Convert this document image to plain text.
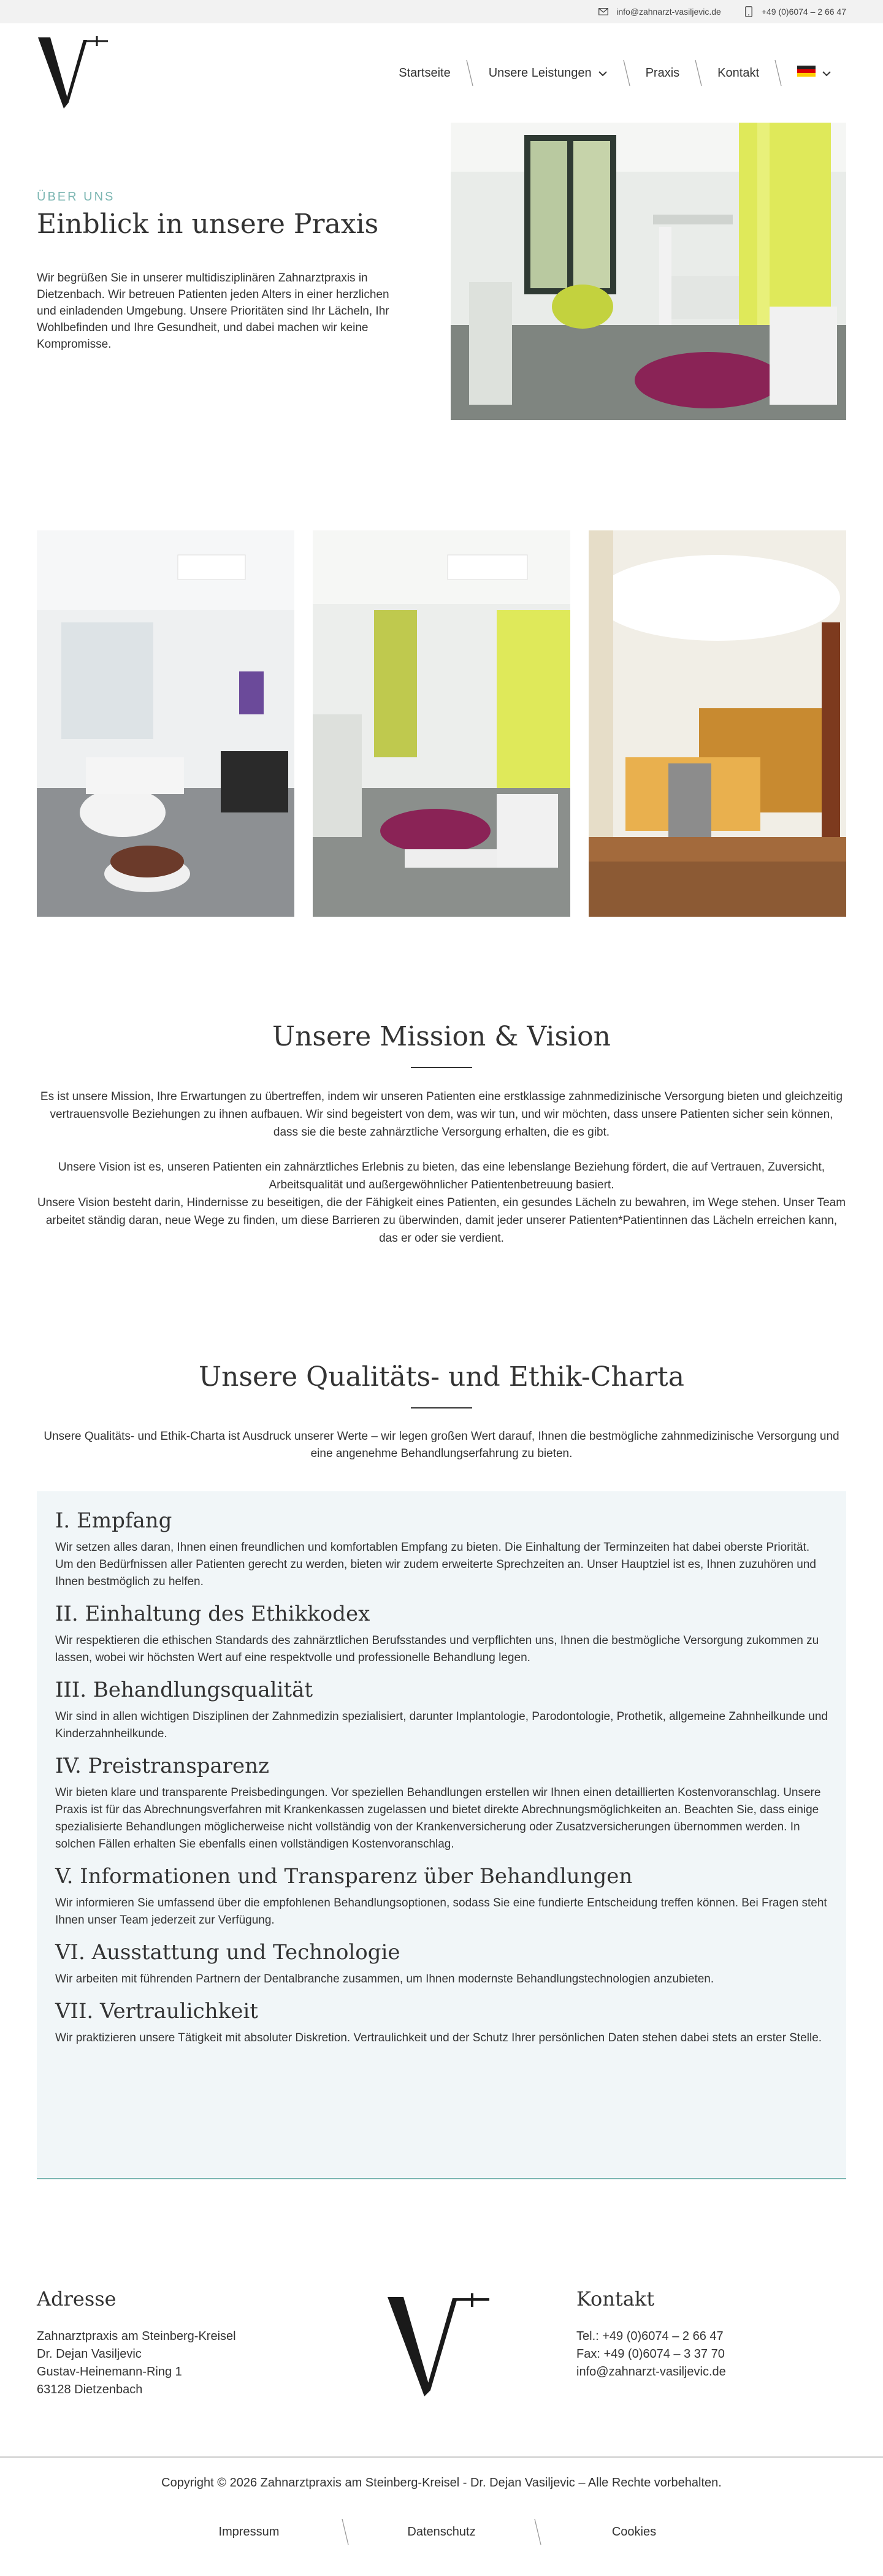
info@zahnarzt-vasiljevic.de	+49 (0)6074 – 2 66 47
Startseite	Unsere Leistungen	Praxis	Kontakt
ÜBER UNS
Einblick in unsere Praxis

Wir begrüßen Sie in unserer multidisziplinären Zahnarztpraxis in Dietzenbach. Wir betreuen Patienten jeden Alters in einer herzlichen und einladenden Umgebung. Unsere Prioritäten sind Ihr Lächeln, Ihr Wohlbefinden und Ihre Gesundheit, und dabei machen wir keine Kompromisse.

Unsere Mission & Vision

Es ist unsere Mission, Ihre Erwartungen zu übertreffen, indem wir unseren Patienten eine erstklassige zahnmedizinische Versorgung bieten und gleichzeitig vertrauensvolle Beziehungen zu ihnen aufbauen. Wir sind begeistert von dem, was wir tun, und wir möchten, dass unsere Patienten sicher sein können, dass sie die beste zahnärztliche Versorgung erhalten, die es gibt.

Unsere Vision ist es, unseren Patienten ein zahnärztliches Erlebnis zu bieten, das eine lebenslange Beziehung fördert, die auf Vertrauen, Zuversicht, Arbeitsqualität und außergewöhnlicher Patientenbetreuung basiert.
Unsere Vision besteht darin, Hindernisse zu beseitigen, die der Fähigkeit eines Patienten, ein gesundes Lächeln zu bewahren, im Wege stehen. Unser Team arbeitet ständig daran, neue Wege zu finden, um diese Barrieren zu überwinden, damit jeder unserer Patienten*Patientinnen das Lächeln erreichen kann, das er oder sie verdient.
Unsere Qualitäts- und Ethik-Charta
Unsere Qualitäts- und Ethik-Charta ist Ausdruck unserer Werte – wir legen großen Wert darauf, Ihnen die bestmögliche zahnmedizinische Versorgung und eine angenehme Behandlungserfahrung zu bieten.
I. Empfang

Wir setzen alles daran, Ihnen einen freundlichen und komfortablen Empfang zu bieten. Die Einhaltung der Terminzeiten hat dabei oberste Priorität. Um den Bedürfnissen aller Patienten gerecht zu werden, bieten wir zudem erweiterte Sprechzeiten an. Unser Hauptziel ist es, Ihnen zuzuhören und Ihnen bestmöglich zu helfen.

II. Einhaltung des Ethikkodex

Wir respektieren die ethischen Standards des zahnärztlichen Berufsstandes und verpflichten uns, Ihnen die bestmögliche Versorgung zukommen zu lassen, wobei wir höchsten Wert auf eine respektvolle und professionelle Behandlung legen.

III. Behandlungsqualität

Wir sind in allen wichtigen Disziplinen der Zahnmedizin spezialisiert, darunter Implantologie, Parodontologie, Prothetik, allgemeine Zahnheilkunde und Kinderzahnheilkunde.

IV. Preistransparenz

Wir bieten klare und transparente Preisbedingungen. Vor speziellen Behandlungen erstellen wir Ihnen einen detaillierten Kostenvoranschlag. Unsere Praxis ist für das Abrechnungsverfahren mit Krankenkassen zugelassen und bietet direkte Abrechnungsmöglichkeiten an. Beachten Sie, dass einige spezialisierte Behandlungen möglicherweise nicht vollständig von der Krankenversicherung oder Zusatzversicherungen übernommen werden. In solchen Fällen erhalten Sie ebenfalls einen vollständigen Kostenvoranschlag.

V. Informationen und Transparenz über Behandlungen

Wir informieren Sie umfassend über die empfohlenen Behandlungsoptionen, sodass Sie eine fundierte Entscheidung treffen können. Bei Fragen steht Ihnen unser Team jederzeit zur Verfügung.

VI. Ausstattung und Technologie

Wir arbeiten mit führenden Partnern der Dentalbranche zusammen, um Ihnen modernste Behandlungstechnologien anzubieten.

VII. Vertraulichkeit

Wir praktizieren unsere Tätigkeit mit absoluter Diskretion. Vertraulichkeit und der Schutz Ihrer persönlichen Daten stehen dabei stets an erster Stelle.

Adresse
Zahnarztpraxis am Steinberg-Kreisel
Dr. Dejan Vasiljevic
Gustav-Heinemann-Ring 1
63128 Dietzenbach
Kontakt
Tel.: +49 (0)6074 – 2 66 47
Fax: +49 (0)6074 – 3 37 70
info@zahnarzt-vasiljevic.de
Copyright © 2026 Zahnarztpraxis am Steinberg-Kreisel - Dr. Dejan Vasiljevic – Alle Rechte vorbehalten.
Impressum	Datenschutz	Cookies
